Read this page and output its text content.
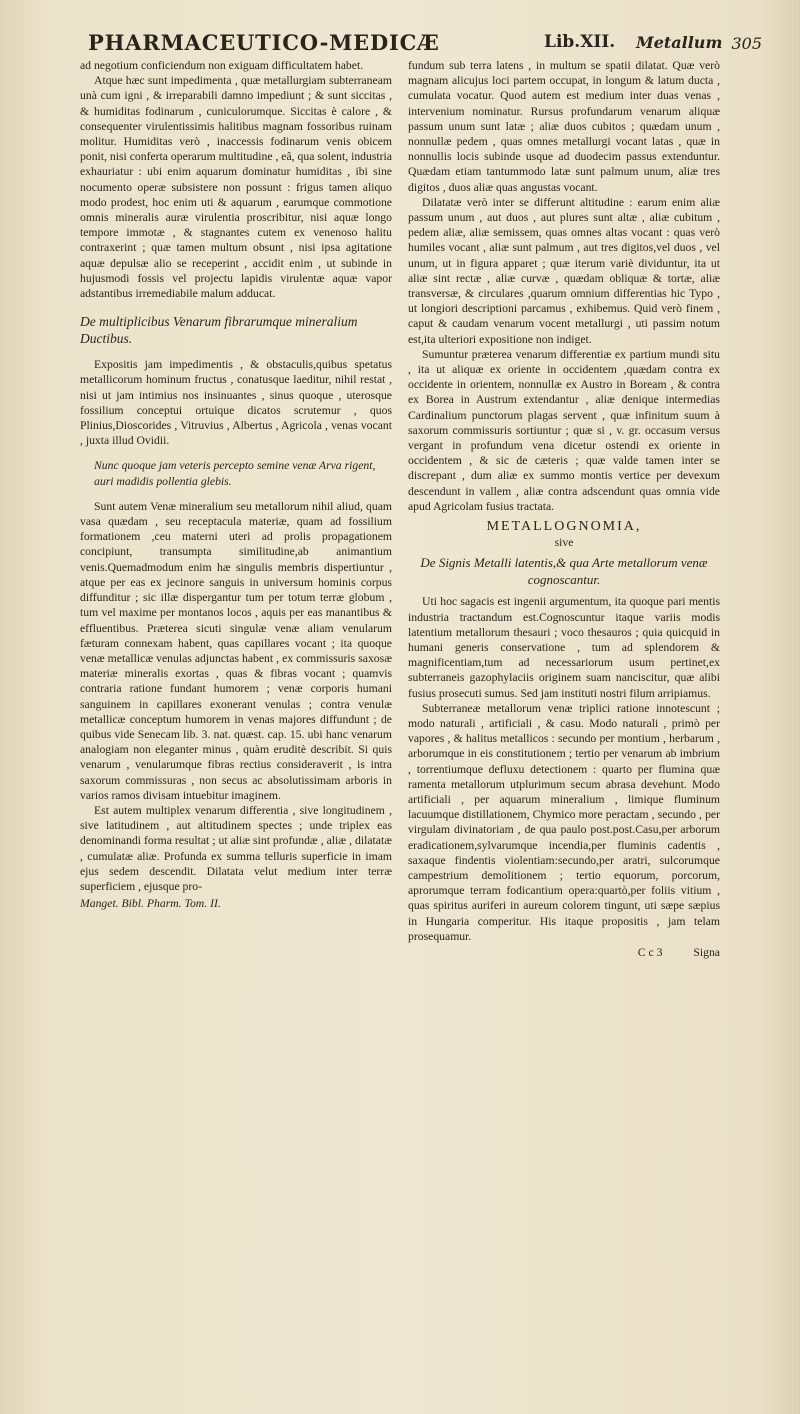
PHARMACEUTICO-MEDICÆ	Lib.XII. Metallum 305

ad negotium conficiendum non exiguam difficultatem habet.

Atque hæc sunt impedimenta , quæ metallurgiam subterraneam unà cum igni , & irreparabili damno impediunt ; & sunt siccitas , & humiditas fodinarum , cuniculorumque. Siccitas è calore , & consequenter virulentissimis halitibus magnam fossoribus ruinam molitur. Humiditas verò , inaccessis fodinarum venis obicem ponit, nisi conferta operarum multitudine , eâ, qua solent, industria exhauriatur : ubi enim aquarum dominatur humiditas , ibi sine nocumento operæ subsistere non possunt : frigus tamen aliquo modo prodest, hoc enim uti & aquarum , earumque commotione omnis mineralis auræ virulentia proscribitur, nisi aquæ longo tempore immotæ , & stagnantes cutem ex venenoso halitu contraxerint ; quæ tamen multum obsunt , nisi ipsa agitatione aquæ depulsæ alio se receperint , accidit enim , ut subinde in hujusmodi fossis vel projectu lapidis virulentæ aquæ vapor adstantibus irremediabile malum adducat.

De multiplicibus Venarum fibrarumque mineralium Ductibus.

Expositis jam impedimentis , & obstaculis,quibus spetatus metallicorum hominum fructus , conatusque laeditur, nihil restat , nisi ut jam intimius nos insinuantes , sinus quoque , uterosque fossilium conceptui ortuique dicatos scrutemur , quos Plinius,Dioscorides , Vitruvius , Albertus , Agricola , venas vocant , juxta illud Ovidii.

Nunc quoque jam veteris percepto semine venæ Arva rigent, auri madidis pollentia glebis.

Sunt autem Venæ mineralium seu metallorum nihil aliud, quam vasa quædam , seu receptacula materiæ, quam ad fossilium formationem ,ceu materni uteri ad prolis propagationem concipiunt, transumpta similitudine,ab animantium venis.Quemadmodum enim hæ singulis membris dispertiuntur , atque per eas ex jecinore sanguis in universum hominis corpus diffunditur ; sic illæ dispergantur tum per totum terræ globum , tum vel maxime per montanos locos , aquis per eas manantibus & effluentibus. Præterea sicuti singulæ venæ aliam venularum fæturam connexam habent, quas capillares vocant ; ita quoque venæ metallicæ venulas adjunctas habent , ex commissuris saxosæ materiæ mineralis exortas , quas & fibras vocant ; quamvis contraria ratione fundant humorem ; venæ corporis humani sanguinem in capillares exonerant venulas ; contra venulæ metallicæ conceptum humorem in venas majores diffundunt ; de quibus vide Senecam lib. 3. nat. quæst. cap. 15. ubi hanc venarum analogiam non eleganter minus , quàm eruditè describit. Si quis venarum , venularumque fibras rectius consideraverit , is intra saxorum commissuras , non secus ac absolutissimam arboris in varios ramos divisam intuebitur imaginem.

Est autem multiplex venarum differentia , sive longitudinem , sive latitudinem , aut altitudinem spectes ; unde triplex eas denominandi forma resultat ; ut aliæ sint profundæ , aliæ , dilatatæ , cumulatæ aliæ. Profunda ex summa telluris superficie in imam ejus sedem descendit. Dilatata velut medium inter terræ superficiem , ejusque pro-

Manget. Bibl. Pharm. Tom. II.

fundum sub terra latens , in multum se spatii dilatat. Quæ verò magnam alicujus loci partem occupat, in longum & latum ducta , cumulata vocatur. Quod autem est medium inter duas venas , intervenium nominatur. Rursus profundarum venarum aliquæ passum unum sunt latæ ; aliæ duos cubitos ; quædam unum , nonnullæ pedem , quas omnes metallurgi vocant latas , quæ in nonnullis locis subinde usque ad duodecim passus extenduntur. Quædam etiam tantummodo latæ sunt palmum unum, aliæ tres digitos , duos aliæ quas angustas vocant.

Dilatatæ verò inter se differunt altitudine : earum enim aliæ passum unum , aut duos , aut plures sunt altæ , aliæ cubitum , pedem aliæ, aliæ semissem, quas omnes altas vocant : quas verò humiles vocant , aliæ sunt palmum , aut tres digitos,vel duos , vel unum, ut in figura apparet ; quæ iterum variè dividuntur, ita ut aliæ sint rectæ , aliæ curvæ , quædam obliquæ & tortæ, aliæ transversæ, & circulares ,quarum omnium differentias hic Typo , ut longiori descriptioni parcamus , exhibemus. Quid verò finem , caput & caudam venarum vocent metallurgi , uti passim notum est,ita ulteriori expositione non indiget.

Sumuntur præterea venarum differentiæ ex partium mundi situ , ita ut aliquæ ex oriente in occidentem ,quædam contra ex occidente in orientem, nonnullæ ex Austro in Boream , & contra ex Borea in Austrum extendantur , aliæ denique intermedias Cardinalium punctorum plagas servent , quæ infinitum suum à saxorum commissuris sortiuntur ; quæ si , v. gr. occasum versus vergant in profundum vena dicetur ostendi ex oriente in occidentem , & sic de cæteris ; quæ valde tamen inter se discrepant , dum aliæ ex summo montis vertice per devexum descendunt in vallem , aliæ contra adscendunt quas omnia vide apud Agricolam fusius tractata.

METALLOGNOMIA,

sive

De Signis Metalli latentis,& qua Arte metallorum venæ cognoscantur.

Uti hoc sagacis est ingenii argumentum, ita quoque pari mentis industria tractandum est.Cognoscuntur itaque variis modis latentium metallorum thesauri ; voco thesauros ; quia quicquid in humani generis conservatione , tum ad splendorem & magnificentiam,tum ad necessariorum usum pertinet,ex subterraneis gazophylaciis originem suam nanciscitur, quæ alibi fusius prosecuti sumus. Sed jam instituti nostri filum arripiamus.

Subterraneæ metallorum venæ triplici ratione innotescunt ; modo naturali , artificiali , & casu. Modo naturali , primò per vapores , & halitus metallicos : secundo per montium , herbarum , arborumque in eis constitutionem ; tertio per venarum ab imbrium , torrentiumque defluxu detectionem : quarto per flumina quæ ramenta metallorum utplurimum secum abrasa devehunt. Modo artificiali , per aquarum mineralium , limique fluminum lacuumque distillationem, Chymico more peractam , secundo , per virgulam divinatoriam , de qua paulo post.post.Casu,per arborum eradicationem,sylvarumque incendia,per fluminis cadentis , saxaque findentis violentiam:secundo,per aratri, sulcorumque campestrium demolitionem ; tertio equorum, porcorum, aprorumque terram fodicantium opera:quartò,per foliis vitium , quas spiritus auriferi in aureum colorem tingunt, uti sæpe sæpius in Hungaria comperitur. His itaque propositis , jam telam prosequamur.

C c 3	Signa
